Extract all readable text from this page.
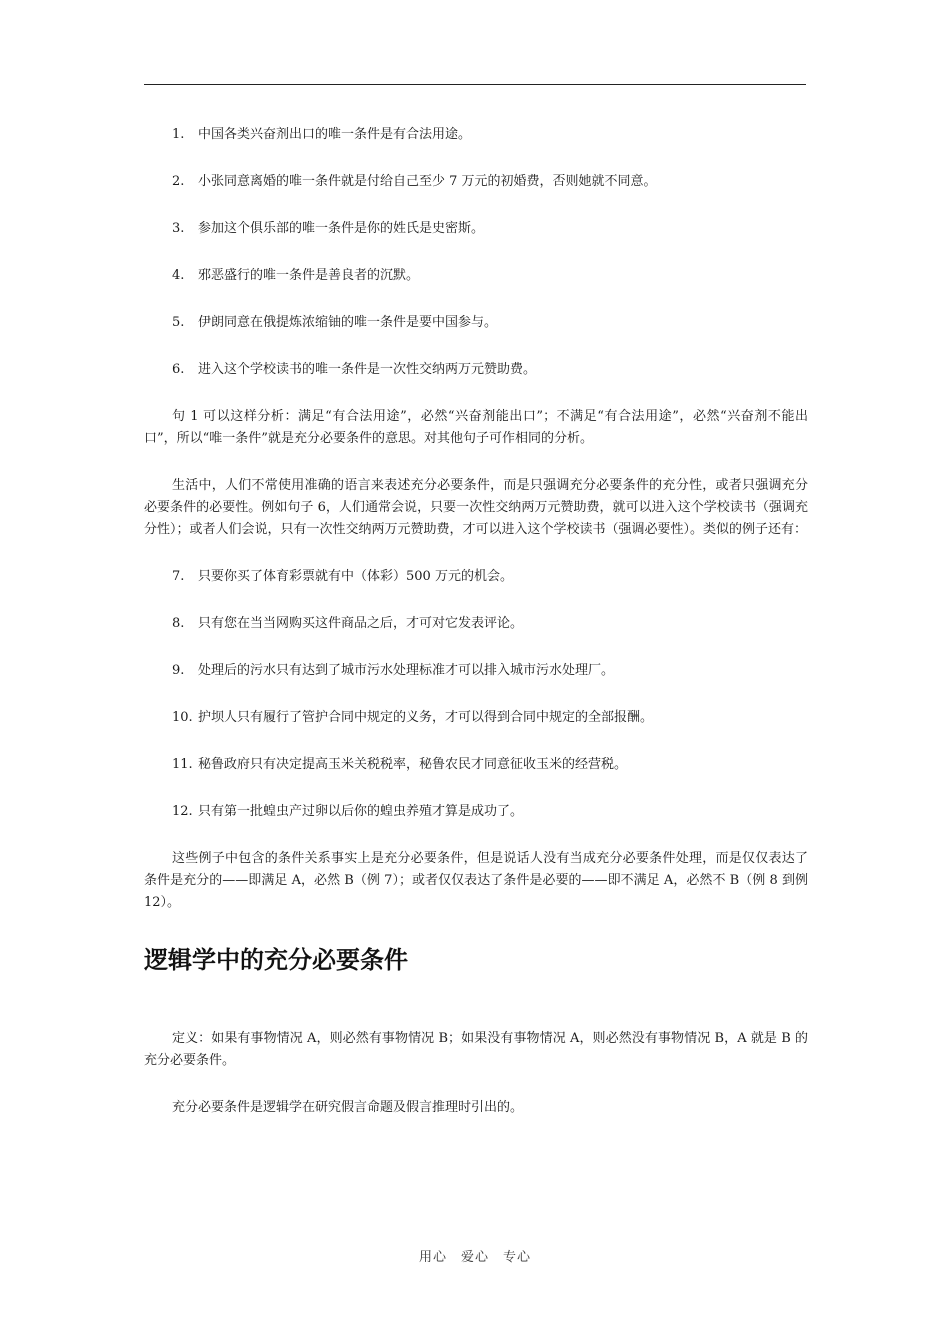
1. 中国各类兴奋剂出口的唯一条件是有合法用途。

2. 小张同意离婚的唯一条件就是付给自己至少 7 万元的初婚费，否则她就不同意。

3. 参加这个俱乐部的唯一条件是你的姓氏是史密斯。

4. 邪恶盛行的唯一条件是善良者的沉默。

5. 伊朗同意在俄提炼浓缩铀的唯一条件是要中国参与。

6. 进入这个学校读书的唯一条件是一次性交纳两万元赞助费。

句 1 可以这样分析：满足“有合法用途”，必然“兴奋剂能出口”；不满足“有合法用途”，必然“兴奋剂不能出口”，所以“唯一条件”就是充分必要条件的意思。对其他句子可作相同的分析。

生活中，人们不常使用准确的语言来表述充分必要条件，而是只强调充分必要条件的充分性，或者只强调充分必要条件的必要性。例如句子 6，人们通常会说，只要一次性交纳两万元赞助费，就可以进入这个学校读书（强调充分性）；或者人们会说，只有一次性交纳两万元赞助费，才可以进入这个学校读书（强调必要性）。类似的例子还有：

7. 只要你买了体育彩票就有中（体彩）500 万元的机会。

8. 只有您在当当网购买这件商品之后，才可对它发表评论。

9. 处理后的污水只有达到了城市污水处理标准才可以排入城市污水处理厂。

10. 护坝人只有履行了管护合同中规定的义务，才可以得到合同中规定的全部报酬。

11. 秘鲁政府只有决定提高玉米关税税率，秘鲁农民才同意征收玉米的经营税。

12. 只有第一批蝗虫产过卵以后你的蝗虫养殖才算是成功了。

这些例子中包含的条件关系事实上是充分必要条件，但是说话人没有当成充分必要条件处理，而是仅仅表达了条件是充分的——即满足 A，必然 B（例 7）；或者仅仅表达了条件是必要的——即不满足 A，必然不 B（例 8 到例 12）。

逻辑学中的充分必要条件

定义：如果有事物情况 A，则必然有事物情况 B；如果没有事物情况 A，则必然没有事物情况 B，A 就是 B 的充分必要条件。

充分必要条件是逻辑学在研究假言命题及假言推理时引出的。

用心　爱心　专心
